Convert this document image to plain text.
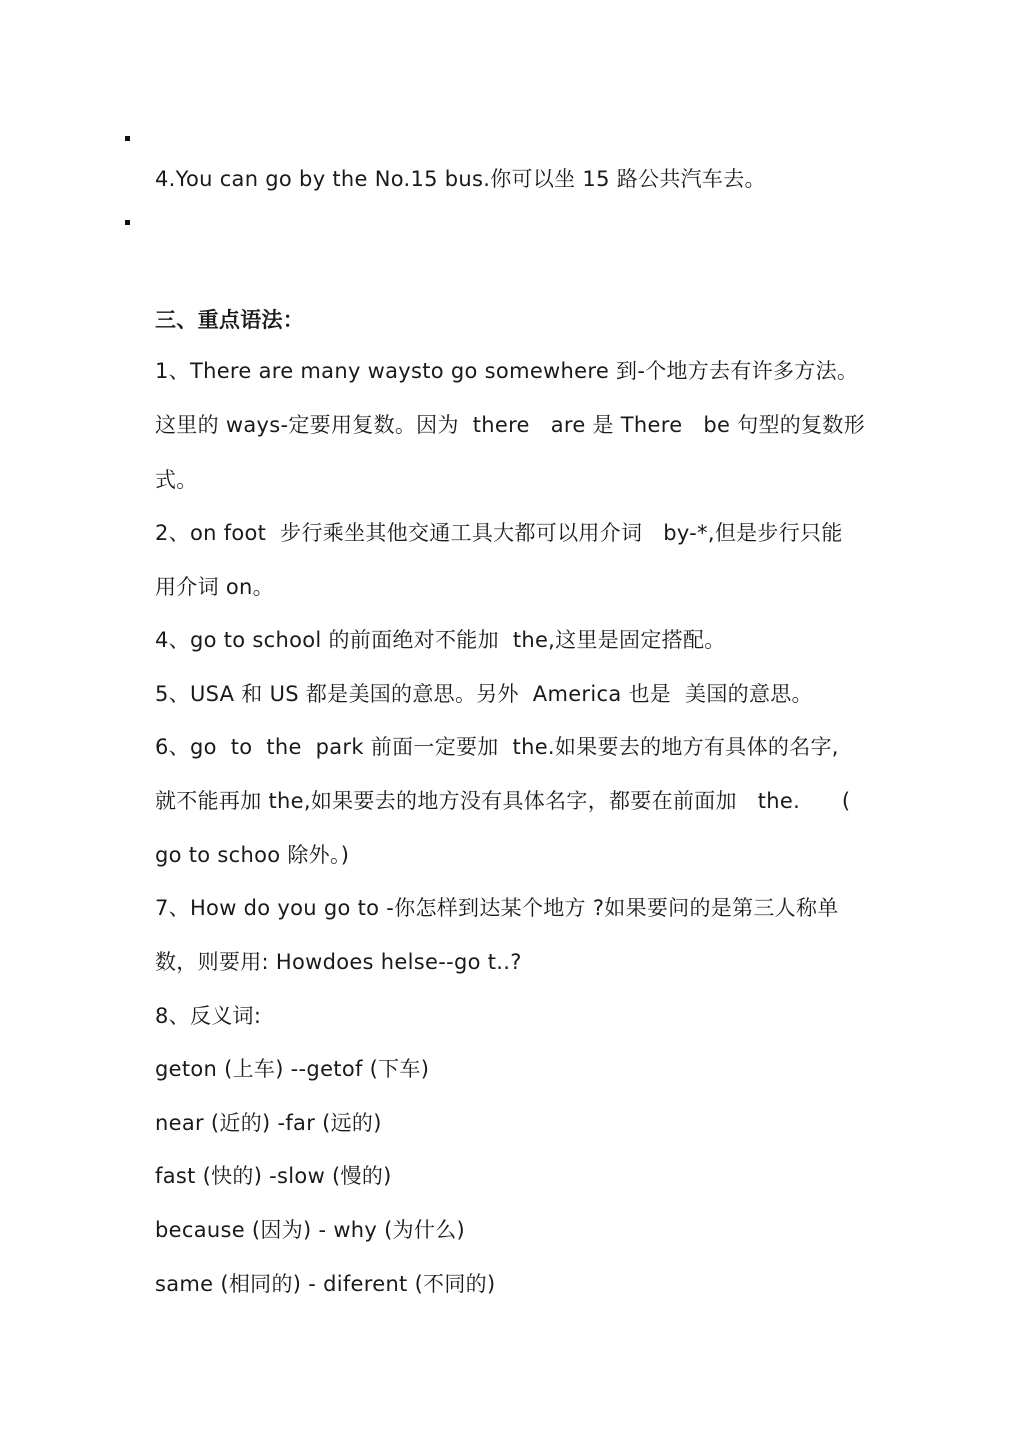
4.You can go by the No.15 bus.你可以坐 15 路公共汽车去。
三、重点语法：
1、There are many waysto go somewhere 到-个地方去有许多方法。
这里的 ways-定要用复数。因为  there   are 是 There   be 句型的复数形
式。
2、on foot  步行乘坐其他交通工具大都可以用介词   by-*,但是步行只能
用介词 on。
4、go to school 的前面绝对不能加  the,这里是固定搭配。
5、USA 和 US 都是美国的意思。另外  America 也是  美国的意思。
6、go  to  the  park 前面一定要加  the.如果要去的地方有具体的名字,
就不能再加 the,如果要去的地方没有具体名字，都要在前面加   the.      (
go to schoo 除外。)
7、How do you go to -你怎样到达某个地方 ?如果要问的是第三人称单
数，则要用: Howdoes helse--go t..?
8、反义词:
geton (上车) --getof (下车)
near (近的) -far (远的)
fast (快的) -slow (慢的)
because (因为) - why (为什么)
same (相同的) - diferent (不同的)
